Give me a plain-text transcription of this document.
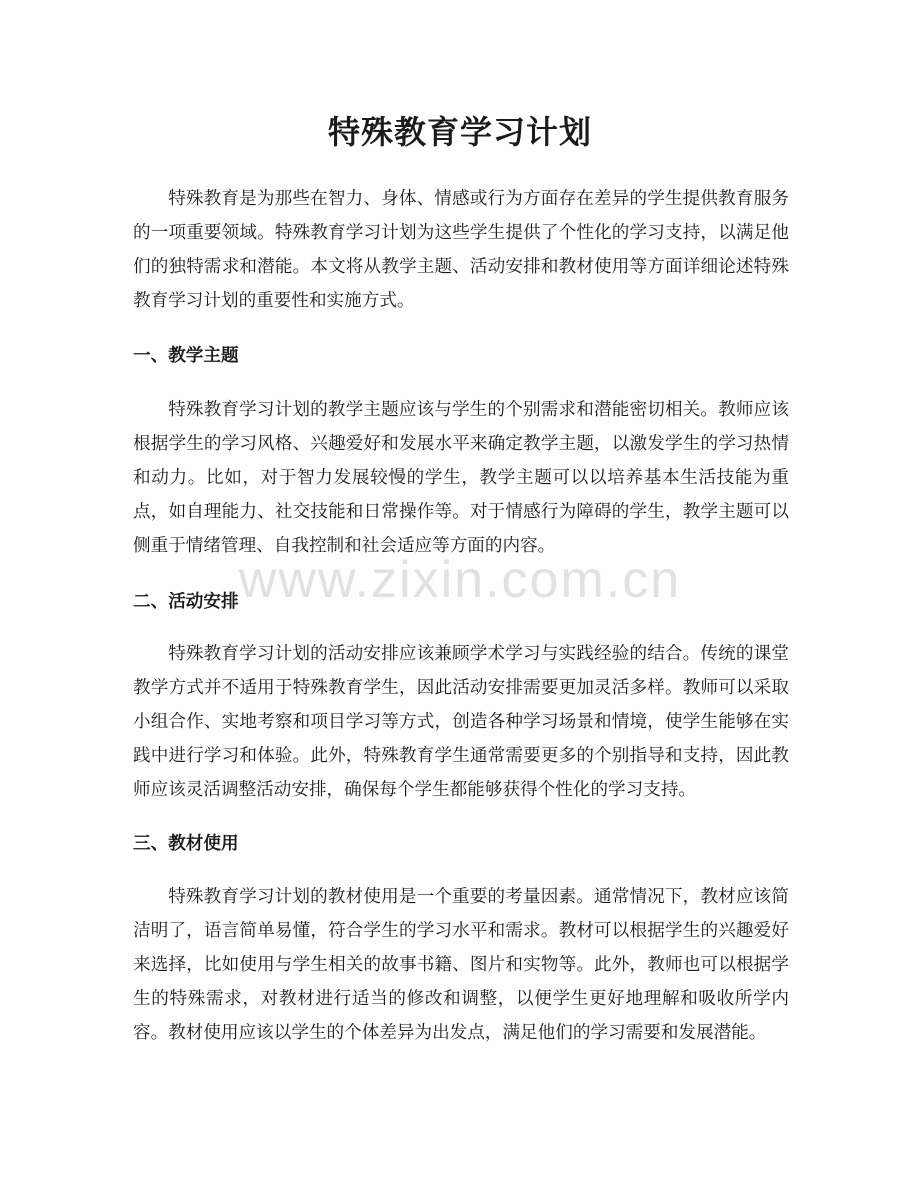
特殊教育学习计划

特殊教育是为那些在智力、身体、情感或行为方面存在差异的学生提供教育服务的一项重要领域。特殊教育学习计划为这些学生提供了个性化的学习支持，以满足他们的独特需求和潜能。本文将从教学主题、活动安排和教材使用等方面详细论述特殊教育学习计划的重要性和实施方式。

一、教学主题

特殊教育学习计划的教学主题应该与学生的个别需求和潜能密切相关。教师应该根据学生的学习风格、兴趣爱好和发展水平来确定教学主题，以激发学生的学习热情和动力。比如，对于智力发展较慢的学生，教学主题可以以培养基本生活技能为重点，如自理能力、社交技能和日常操作等。对于情感行为障碍的学生，教学主题可以侧重于情绪管理、自我控制和社会适应等方面的内容。

二、活动安排

特殊教育学习计划的活动安排应该兼顾学术学习与实践经验的结合。传统的课堂教学方式并不适用于特殊教育学生，因此活动安排需要更加灵活多样。教师可以采取小组合作、实地考察和项目学习等方式，创造各种学习场景和情境，使学生能够在实践中进行学习和体验。此外，特殊教育学生通常需要更多的个别指导和支持，因此教师应该灵活调整活动安排，确保每个学生都能够获得个性化的学习支持。

三、教材使用

特殊教育学习计划的教材使用是一个重要的考量因素。通常情况下，教材应该简洁明了，语言简单易懂，符合学生的学习水平和需求。教材可以根据学生的兴趣爱好来选择，比如使用与学生相关的故事书籍、图片和实物等。此外，教师也可以根据学生的特殊需求，对教材进行适当的修改和调整，以便学生更好地理解和吸收所学内容。教材使用应该以学生的个体差异为出发点，满足他们的学习需要和发展潜能。

www.zixin.com.cn
